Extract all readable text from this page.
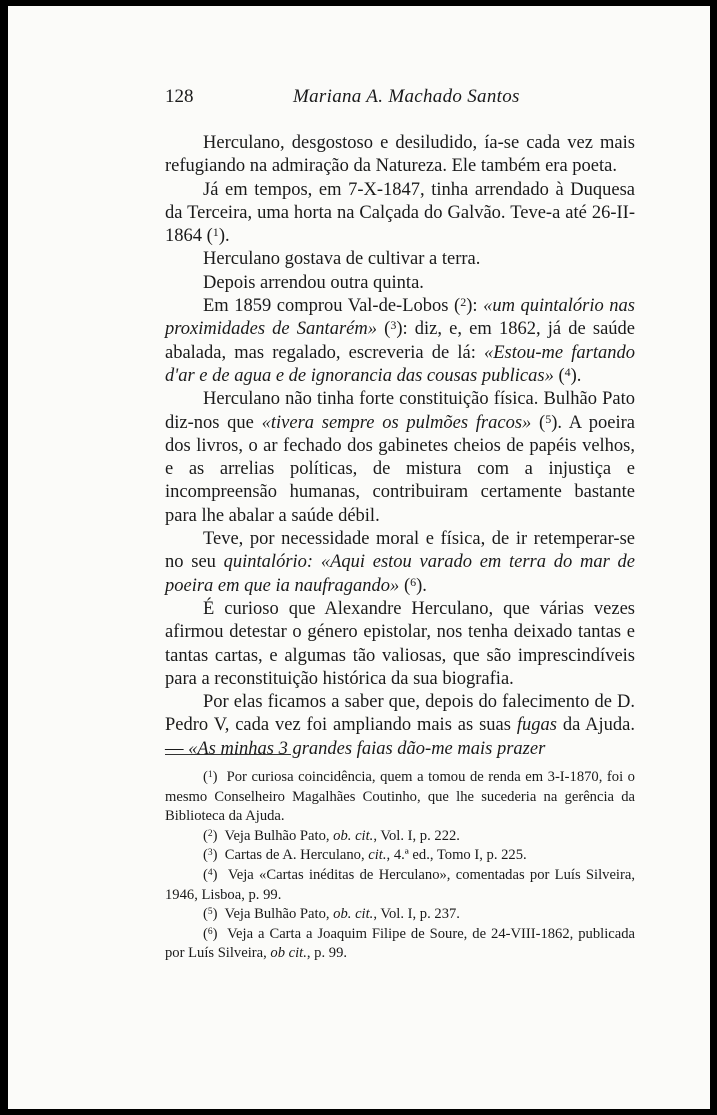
128	Mariana A. Machado Santos

Herculano, desgostoso e desiludido, ía-se cada vez mais refugiando na admiração da Natureza. Ele também era poeta.

Já em tempos, em 7-X-1847, tinha arrendado à Duquesa da Terceira, uma horta na Calçada do Galvão. Teve-a até 26-II-1864 ($^1$).

Herculano gostava de cultivar a terra.

Depois arrendou outra quinta.

Em 1859 comprou Val-de-Lobos ($^2$): «um quintalório nas proximidades de Santarém» ($^3$): diz, e, em 1862, já de saúde abalada, mas regalado, escreveria de lá: «Estou-me fartando d'ar e de agua e de ignorancia das cousas publicas» ($^4$).

Herculano não tinha forte constituição física. Bulhão Pato diz-nos que «tivera sempre os pulmões fracos» ($^5$). A poeira dos livros, o ar fechado dos gabinetes cheios de papéis velhos, e as arrelias políticas, de mistura com a injustiça e incompreensão humanas, contribuiram certamente bastante para lhe abalar a saúde débil.

Teve, por necessidade moral e física, de ir retemperar-se no seu quintalório: «Aqui estou varado em terra do mar de poeira em que ia naufragando» ($^6$).

É curioso que Alexandre Herculano, que várias vezes afirmou detestar o género epistolar, nos tenha deixado tantas e tantas cartas, e algumas tão valiosas, que são imprescindíveis para a reconstituição histórica da sua biografia.

Por elas ficamos a saber que, depois do falecimento de D. Pedro V, cada vez foi ampliando mais as suas fugas da Ajuda. — «As minhas 3 grandes faias dão-me mais prazer

($^1$)  Por curiosa coincidência, quem a tomou de renda em 3-I-1870, foi o mesmo Conselheiro Magalhães Coutinho, que lhe sucederia na gerência da Biblioteca da Ajuda.

($^2$)  Veja Bulhão Pato, ob. cit., Vol. I, p. 222.

($^3$)  Cartas de A. Herculano, cit., 4.ª ed., Tomo I, p. 225.

($^4$)  Veja «Cartas inéditas de Herculano», comentadas por Luís Silveira, 1946, Lisboa, p. 99.

($^5$)  Veja Bulhão Pato, ob. cit., Vol. I, p. 237.

($^6$)  Veja a Carta a Joaquim Filipe de Soure, de 24-VIII-1862, publicada por Luís Silveira, ob cit., p. 99.
